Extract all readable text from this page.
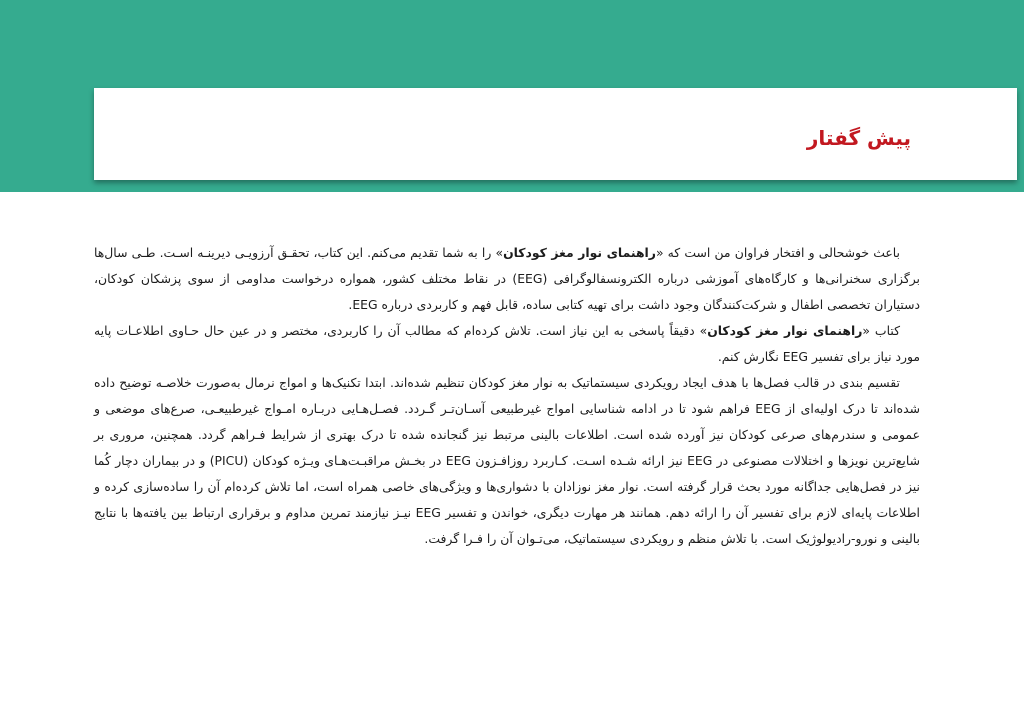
پیش گفتار

باعث خوشحالی و افتخار فراوان من است که «راهنمای نوار مغز کودکان» را به شما تقدیم می‌کنم. این کتاب، تحقـق آرزویـی دیرینـه اسـت. طـی سال‌ها برگزاری سخنرانی‌ها و کارگاه‌های آموزشی درباره الکترونسفالوگرافی (EEG) در نقاط مختلف کشور، همواره درخواست مداومی از سوی پزشکان کودکان، دستیاران تخصصی اطفال و شرکت‌کنندگان وجود داشت برای تهیه کتابی ساده، قابل فهم و کاربردی درباره EEG.

کتاب «راهنمای نوار مغز کودکان» دقیقاً پاسخی به این نیاز است. تلاش کرده‌ام که مطالب آن را کاربردی، مختصر و در عین حال حـاوی اطلاعـات پایه مورد نیاز برای تفسیر EEG نگارش کنم.

تقسیم بندی در قالب فصل‌ها با هدف ایجاد رویکردی سیستماتیک به نوار مغز کودکان تنظیم شده‌اند. ابتدا تکنیک‌ها و امواج نرمال به‌صورت خلاصـه توضیح داده شده‌اند تا درک اولیه‌ای از EEG فراهم شود تا در ادامه شناسایی امواج غیرطبیعی آسـان‌تـر گـردد. فصـل‌هـایی دربـاره امـواج غیرطبیعـی، صرع‌های موضعی و عمومی و سندرم‌های صرعی کودکان نیز آورده شده است. اطلاعات بالینی مرتبط نیز گنجانده شده تا درک بهتری از شرایط فـراهم گردد. همچنین، مروری بر شایع‌ترین نویزها و اختلالات مصنوعی در EEG نیز ارائه شـده اسـت. کـاربرد روزافـزون EEG در بخـش مراقبـت‌هـای ویـژه کودکان (PICU) و در بیماران دچار کُما نیز در فصل‌هایی جداگانه مورد بحث قرار گرفته است. نوار مغز نوزادان با دشواری‌ها و ویژگی‌های خاصی همراه است، اما تلاش کرده‌ام آن را ساده‌سازی کرده و اطلاعات پایه‌ای لازم برای تفسیر آن را ارائه دهم. همانند هر مهارت دیگری، خواندن و تفسیر EEG نیـز نیازمند تمرین مداوم و برقراری ارتباط بین یافته‌ها با نتایج بالینی و نورو-رادیولوژیک است. با تلاش منظم و رویکردی سیستماتیک، می‌تـوان آن را فـرا گرفت.
